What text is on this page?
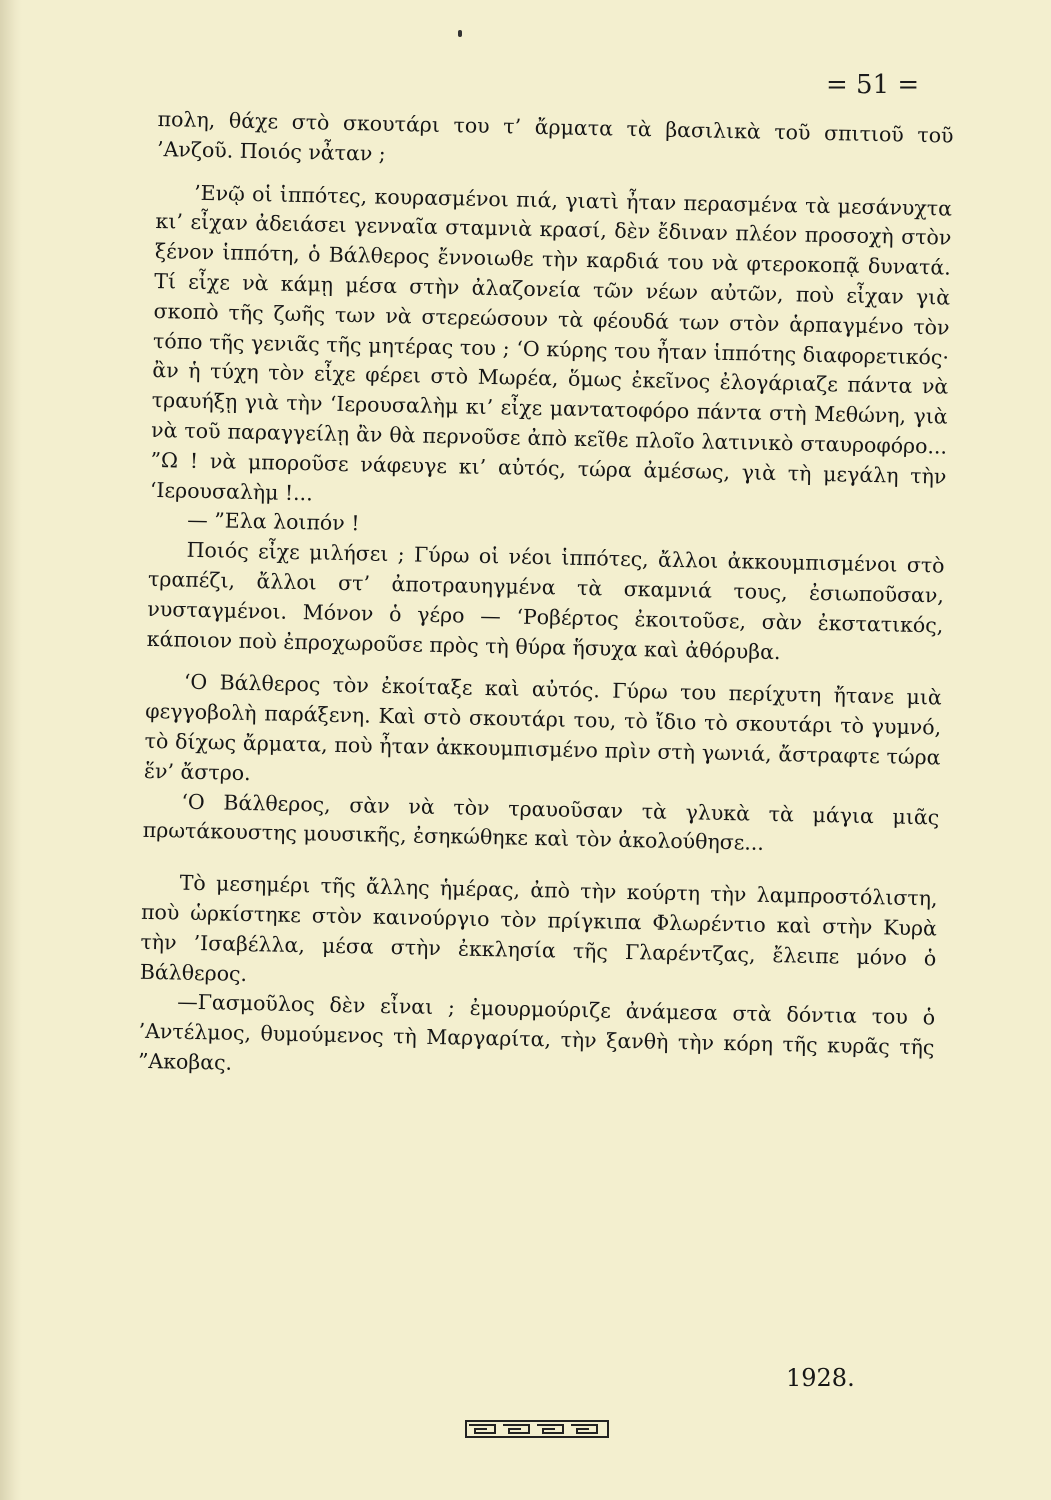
= 51 =

πολη, θάχε στὸ σκουτάρι του τ’ ἄρματα τὰ βασιλικὰ τοῦ σπιτιοῦ τοῦ ’Ανζοῦ. Ποιός νἆταν ;

’Ενῷ οἱ ἱππότες, κουρασμένοι πιά, γιατὶ ἦταν περασμένα τὰ μεσάνυχτα κι’ εἶχαν ἀδειάσει γενναῖα σταμνιὰ κρασί, δὲν ἔδιναν πλέον προσοχὴ στὸν ξένον ἱππότη, ὁ Βάλθερος ἔννοιωθε τὴν καρδιά του νὰ φτεροκοπᾷ δυνατά. Τί εἶχε νὰ κάμῃ μέσα στὴν ἀλαζονεία τῶν νέων αὐτῶν, ποὺ εἶχαν γιὰ σκοπὸ τῆς ζωῆς των νὰ στερεώσουν τὰ φέουδά των στὸν ἁρπαγμένο τὸν τόπο τῆς γενιᾶς τῆς μητέρας του ; ‘Ο κύρης του ἦταν ἱππότης διαφορετικός· ἂν ἡ τύχη τὸν εἶχε φέρει στὸ Μωρέα, ὅμως ἐκεῖνος ἐλογάριαζε πάντα νὰ τραυήξῃ γιὰ τὴν ‘Ιερουσαλὴμ κι’ εἶχε μαντατοφόρο πάντα στὴ Μεθώνη, γιὰ νὰ τοῦ παραγγείλῃ ἂν θὰ περνοῦσε ἀπὸ κεῖθε πλοῖο λατινικὸ σταυροφόρο... ”Ω ! νὰ μποροῦσε νάφευγε κι’ αὐτός, τώρα ἀμέσως, γιὰ τὴ μεγάλη τὴν ‘Ιερουσαλὴμ !...

— ”Ελα λοιπόν !

Ποιός εἶχε μιλήσει ; Γύρω οἱ νέοι ἱππότες, ἄλλοι ἀκκουμπισμένοι στὸ τραπέζι, ἄλλοι στ’ ἀποτραυηγμένα τὰ σκαμνιά τους, ἐσιωποῦσαν, νυσταγμένοι. Μόνον ὁ γέρο — ‘Ροβέρτος ἐκοιτοῦσε, σὰν ἐκστατικός, κάποιον ποὺ ἐπροχωροῦσε πρὸς τὴ θύρα ἥσυχα καὶ ἀθόρυβα.

‘Ο Βάλθερος τὸν ἐκοίταξε καὶ αὐτός. Γύρω του περίχυτη ἤτανε μιὰ φεγγοβολὴ παράξενη. Καὶ στὸ σκουτάρι του, τὸ ἴδιο τὸ σκουτάρι τὸ γυμνό, τὸ δίχως ἄρματα, ποὺ ἦταν ἀκκουμπισμένο πρὶν στὴ γωνιά, ἄστραφτε τώρα ἕν’ ἄστρο.

‘Ο Βάλθερος, σὰν νὰ τὸν τραυοῦσαν τὰ γλυκὰ τὰ μάγια μιᾶς πρωτάκουστης μουσικῆς, ἐσηκώθηκε καὶ τὸν ἀκολούθησε...

Τὸ μεσημέρι τῆς ἄλλης ἡμέρας, ἀπὸ τὴν κούρτη τὴν λαμπροστόλιστη, ποὺ ὡρκίστηκε στὸν καινούργιο τὸν πρίγκιπα Φλωρέντιο καὶ στὴν Κυρὰ τὴν ’Ισαβέλλα, μέσα στὴν ἐκκλησία τῆς Γλαρέντζας, ἔλειπε μόνο ὁ Βάλθερος.

—Γασμοῦλος δὲν εἶναι ; ἐμουρμούριζε ἀνάμεσα στὰ δόντια του ὁ ’Αντέλμος, θυμούμενος τὴ Μαργαρίτα, τὴν ξανθὴ τὴν κόρη τῆς κυρᾶς τῆς ”Ακοβας.

1928.
